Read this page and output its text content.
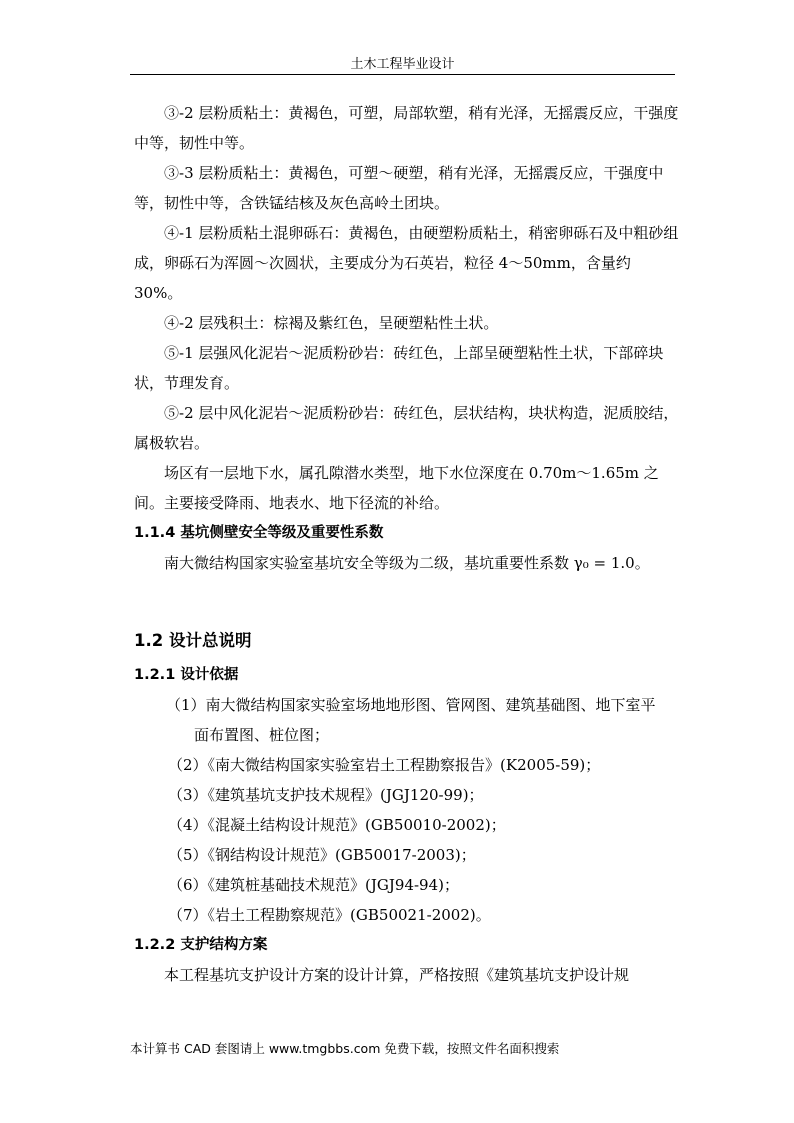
土木工程毕业设计

③-2 层粉质粘土：黄褐色，可塑，局部软塑，稍有光泽，无摇震反应，干强度中等，韧性中等。

③-3 层粉质粘土：黄褐色，可塑～硬塑，稍有光泽，无摇震反应，干强度中等，韧性中等，含铁锰结核及灰色高岭土团块。

④-1 层粉质粘土混卵砾石：黄褐色，由硬塑粉质粘土，稍密卵砾石及中粗砂组成，卵砾石为浑圆～次圆状，主要成分为石英岩，粒径 4～50mm，含量约 30%。

④-2 层残积土：棕褐及紫红色，呈硬塑粘性土状。

⑤-1 层强风化泥岩～泥质粉砂岩：砖红色，上部呈硬塑粘性土状，下部碎块状，节理发育。

⑤-2 层中风化泥岩～泥质粉砂岩：砖红色，层状结构，块状构造，泥质胶结，属极软岩。

场区有一层地下水，属孔隙潜水类型，地下水位深度在 0.70m～1.65m 之间。主要接受降雨、地表水、地下径流的补给。

1.1.4 基坑侧壁安全等级及重要性系数

南大微结构国家实验室基坑安全等级为二级，基坑重要性系数 γ₀ = 1.0。

1.2 设计总说明

1.2.1 设计依据

（1）南大微结构国家实验室场地地形图、管网图、建筑基础图、地下室平
面布置图、桩位图；

（2）《南大微结构国家实验室岩土工程勘察报告》(K2005-59)；

（3）《建筑基坑支护技术规程》(JGJ120-99)；

（4）《混凝土结构设计规范》(GB50010-2002)；

（5）《钢结构设计规范》(GB50017-2003)；

（6）《建筑桩基础技术规范》(JGJ94-94)；

（7）《岩土工程勘察规范》(GB50021-2002)。

1.2.2 支护结构方案

本工程基坑支护设计方案的设计计算，严格按照《建筑基坑支护设计规

本计算书 CAD 套图请上 www.tmgbbs.com 免费下载，按照文件名面积搜索
